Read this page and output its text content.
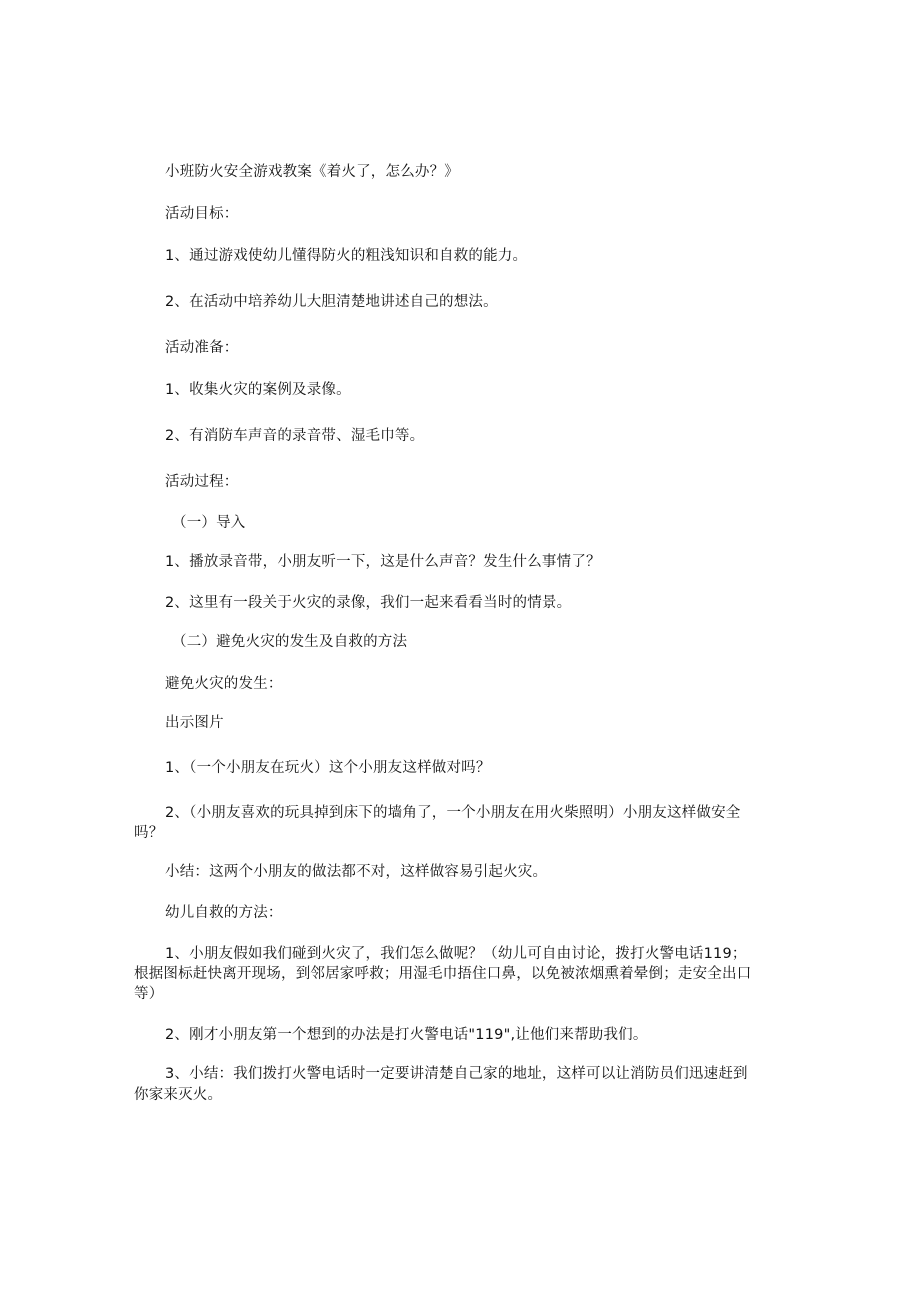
小班防火安全游戏教案《着火了，怎么办？》
活动目标：
1、通过游戏使幼儿懂得防火的粗浅知识和自救的能力。
2、在活动中培养幼儿大胆清楚地讲述自己的想法。
活动准备：
1、收集火灾的案例及录像。
2、有消防车声音的录音带、湿毛巾等。
活动过程：
（一）导入
1、播放录音带，小朋友听一下，这是什么声音？发生什么事情了？
2、这里有一段关于火灾的录像，我们一起来看看当时的情景。
（二）避免火灾的发生及自救的方法
避免火灾的发生：
出示图片
1、（一个小朋友在玩火）这个小朋友这样做对吗？
2、（小朋友喜欢的玩具掉到床下的墙角了，一个小朋友在用火柴照明）小朋友这样做安全
吗？
小结：这两个小朋友的做法都不对，这样做容易引起火灾。
幼儿自救的方法：
1、小朋友假如我们碰到火灾了，我们怎么做呢？（幼儿可自由讨论，拨打火警电话119；
根据图标赶快离开现场，到邻居家呼救；用湿毛巾捂住口鼻，以免被浓烟熏着晕倒；走安全出口
等）
2、刚才小朋友第一个想到的办法是打火警电话"119",让他们来帮助我们。
3、小结：我们拨打火警电话时一定要讲清楚自己家的地址，这样可以让消防员们迅速赶到
你家来灭火。
